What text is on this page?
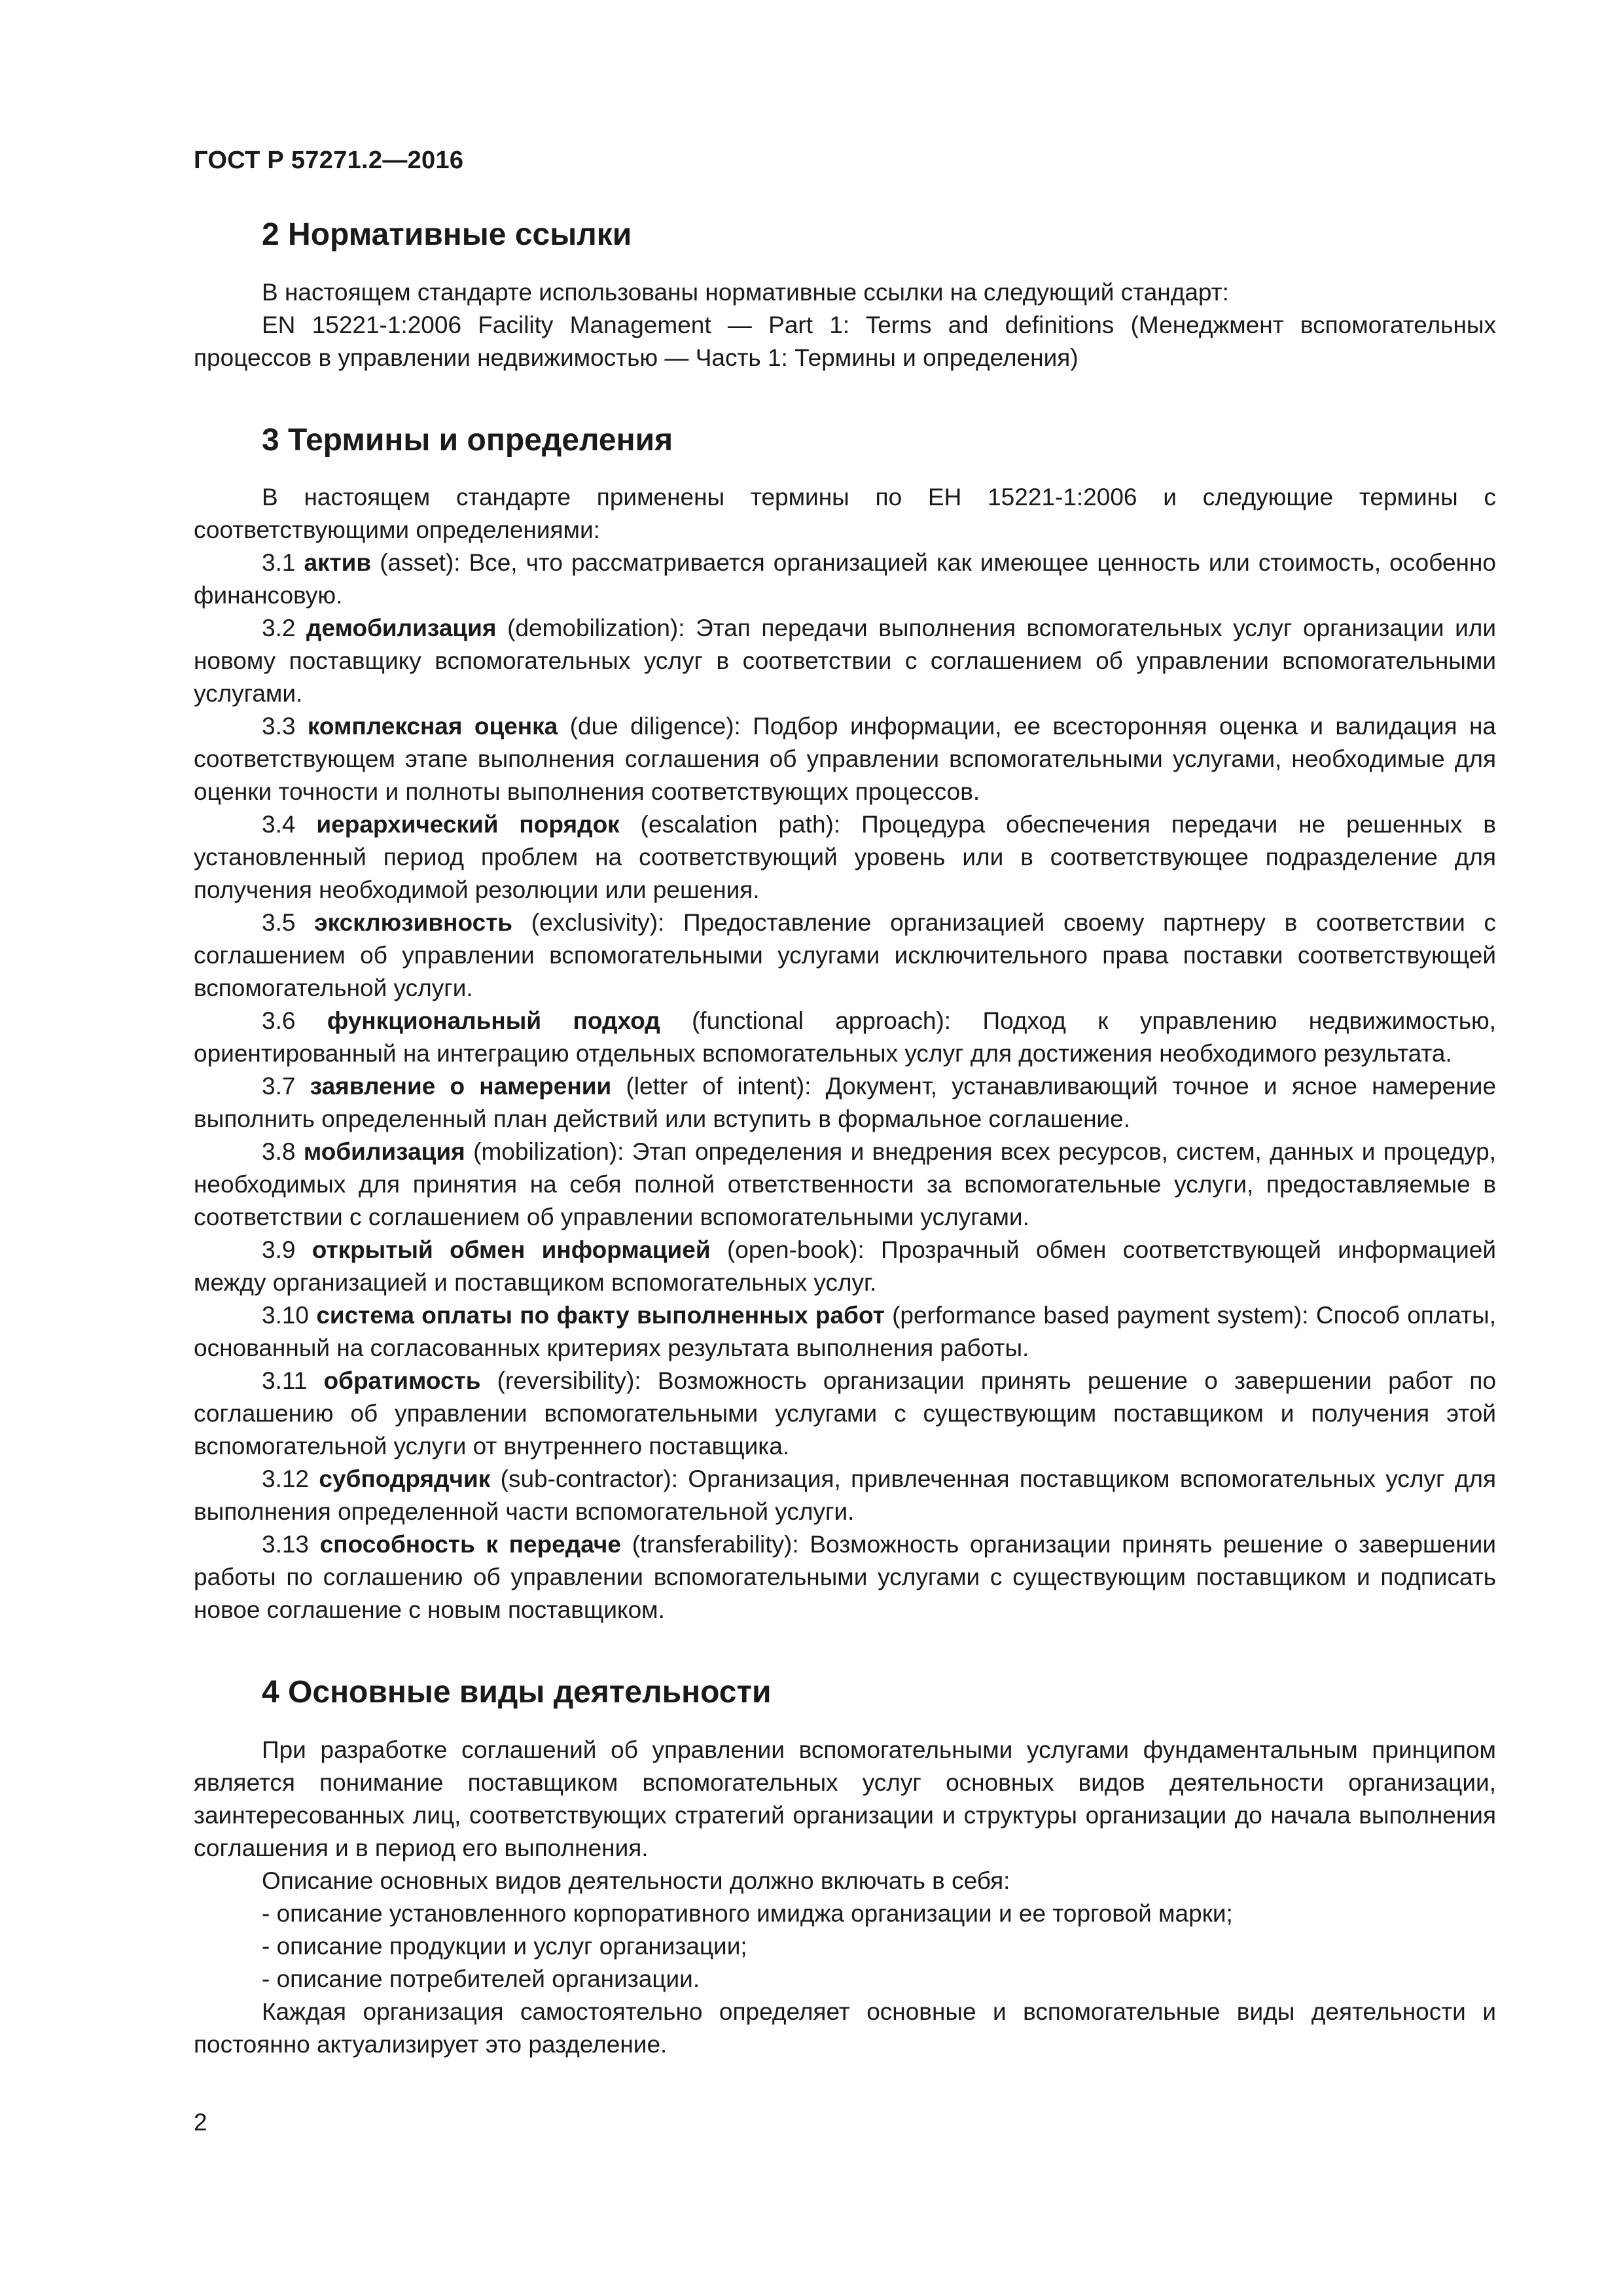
ГОСТ Р 57271.2—2016

2 Нормативные ссылки

В настоящем стандарте использованы нормативные ссылки на следующий стандарт:

EN 15221-1:2006 Facility Management — Part 1: Terms and definitions (Менеджмент вспомогательных процессов в управлении недвижимостью — Часть 1: Термины и определения)

3 Термины и определения

В настоящем стандарте применены термины по ЕН 15221-1:2006 и следующие термины с соответствующими определениями:

3.1 актив (asset): Все, что рассматривается организацией как имеющее ценность или стоимость, особенно финансовую.

3.2 демобилизация (demobilization): Этап передачи выполнения вспомогательных услуг организации или новому поставщику вспомогательных услуг в соответствии с соглашением об управлении вспомогательными услугами.

3.3 комплексная оценка (due diligence): Подбор информации, ее всесторонняя оценка и валидация на соответствующем этапе выполнения соглашения об управлении вспомогательными услугами, необходимые для оценки точности и полноты выполнения соответствующих процессов.

3.4 иерархический порядок (escalation path): Процедура обеспечения передачи не решенных в установленный период проблем на соответствующий уровень или в соответствующее подразделение для получения необходимой резолюции или решения.

3.5 эксклюзивность (exclusivity): Предоставление организацией своему партнеру в соответствии с соглашением об управлении вспомогательными услугами исключительного права поставки соответствующей вспомогательной услуги.

3.6 функциональный подход (functional approach): Подход к управлению недвижимостью, ориентированный на интеграцию отдельных вспомогательных услуг для достижения необходимого результата.

3.7 заявление о намерении (letter of intent): Документ, устанавливающий точное и ясное намерение выполнить определенный план действий или вступить в формальное соглашение.

3.8 мобилизация (mobilization): Этап определения и внедрения всех ресурсов, систем, данных и процедур, необходимых для принятия на себя полной ответственности за вспомогательные услуги, предоставляемые в соответствии с соглашением об управлении вспомогательными услугами.

3.9 открытый обмен информацией (open-book): Прозрачный обмен соответствующей информацией между организацией и поставщиком вспомогательных услуг.

3.10 система оплаты по факту выполненных работ (performance based payment system): Способ оплаты, основанный на согласованных критериях результата выполнения работы.

3.11 обратимость (reversibility): Возможность организации принять решение о завершении работ по соглашению об управлении вспомогательными услугами с существующим поставщиком и получения этой вспомогательной услуги от внутреннего поставщика.

3.12 субподрядчик (sub-contractor): Организация, привлеченная поставщиком вспомогательных услуг для выполнения определенной части вспомогательной услуги.

3.13 способность к передаче (transferability): Возможность организации принять решение о завершении работы по соглашению об управлении вспомогательными услугами с существующим поставщиком и подписать новое соглашение с новым поставщиком.

4 Основные виды деятельности

При разработке соглашений об управлении вспомогательными услугами фундаментальным принципом является понимание поставщиком вспомогательных услуг основных видов деятельности организации, заинтересованных лиц, соответствующих стратегий организации и структуры организации до начала выполнения соглашения и в период его выполнения.

Описание основных видов деятельности должно включать в себя:

- описание установленного корпоративного имиджа организации и ее торговой марки;

- описание продукции и услуг организации;

- описание потребителей организации.

Каждая организация самостоятельно определяет основные и вспомогательные виды деятельности и постоянно актуализирует это разделение.

2
